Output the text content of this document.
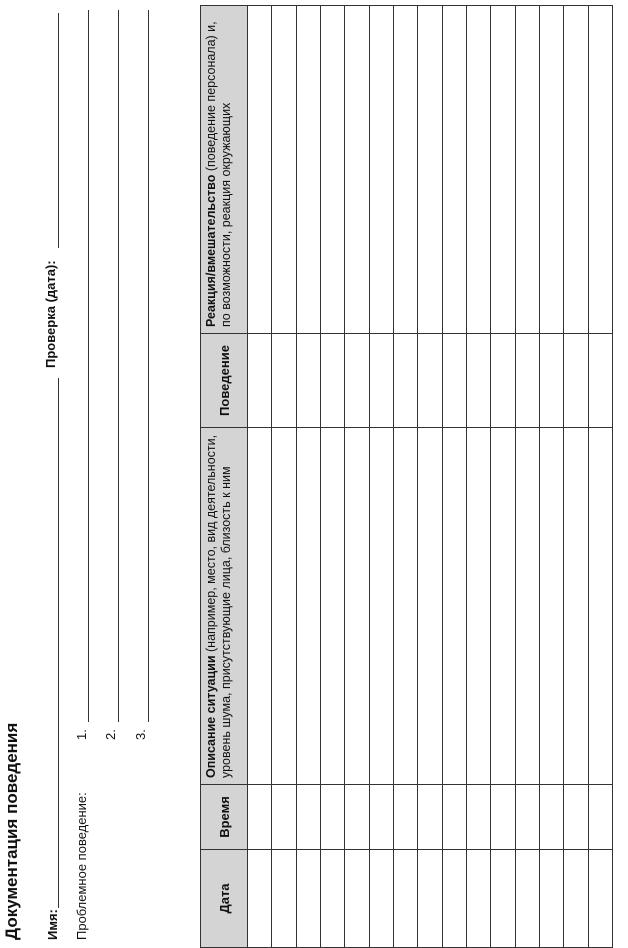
Документация поведения Имя:
Проверка (дата):
Проблемное поведение:
1. 2. 3.
Дата	Время	Описание ситуации (например, место, вид деятельности, уровень шума, присутствующие лица, близость к ним	Поведение	Реакция/вмешательство (поведение персонала) и, по возможности, реакция окружающих
